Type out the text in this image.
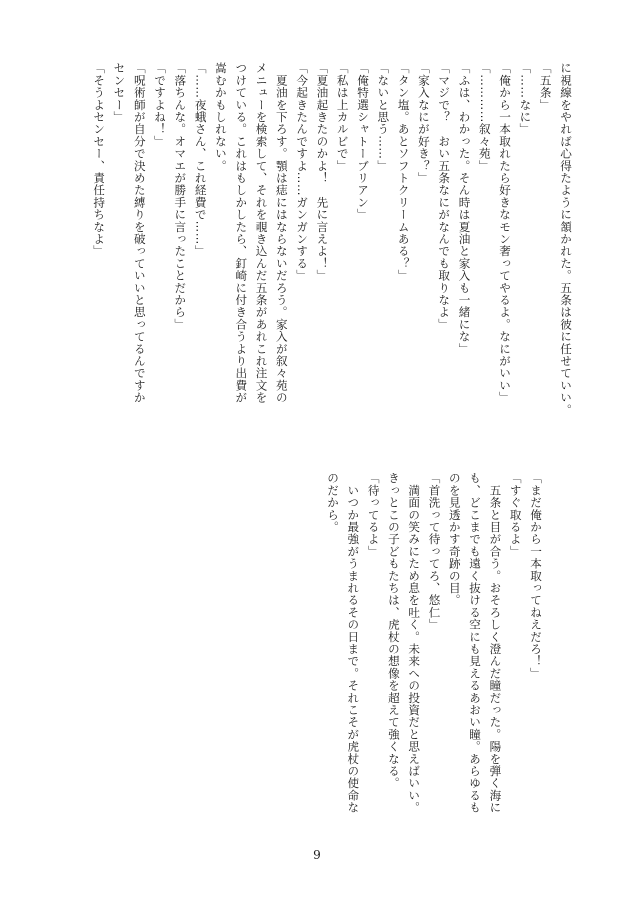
に視線をやれば心得たように頷かれた。五条は彼に任せていい。
「五条」
「……なに」
「俺から一本取れたら好きなモン奢ってやるよ。なにがいい」
「…………叙々苑」
「ふは、わかった。そん時は夏油と家入も一緒にな」
「マジで？　おい五条なにがなんでも取りなよ」
「家入なにが好き？」
「タン塩。あとソフトクリームある？」
「ないと思う……」
「俺特選シャトーブリアン」
「私は上カルビで」
「夏油起きたのかよ！　先に言えよ！」
「今起きたんですよ……ガンガンする」
　夏油を下ろす。顎は痣にはならないだろう。家入が叙々苑の
メニューを検索して、それを覗き込んだ五条があれこれ注文を
つけている。これはもしかしたら、釘崎に付き合うより出費が
嵩むかもしれない。
「……夜蛾さん、これ経費で……」
「落ちんな。オマエが勝手に言ったことだから」
「ですよね！」
「呪術師が自分で決めた縛りを破っていいと思ってるんですか
センセー」
「そうよセンセー、責任持ちなよ」
「まだ俺から一本取ってねえだろ！」
「すぐ取るよ」
　五条と目が合う。おそろしく澄んだ瞳だった。陽を弾く海に
も、どこまでも遠く抜ける空にも見えるあおい瞳。あらゆるも
のを見透かす奇跡の目。
「首洗って待ってろ、悠仁」
　満面の笑みにため息を吐く。未来への投資だと思えばいい。
きっとこの子どもたちは、虎杖の想像を超えて強くなる。
「待ってるよ」
　いつか最強がうまれるその日まで。それこそが虎杖の使命な
のだから。
9
